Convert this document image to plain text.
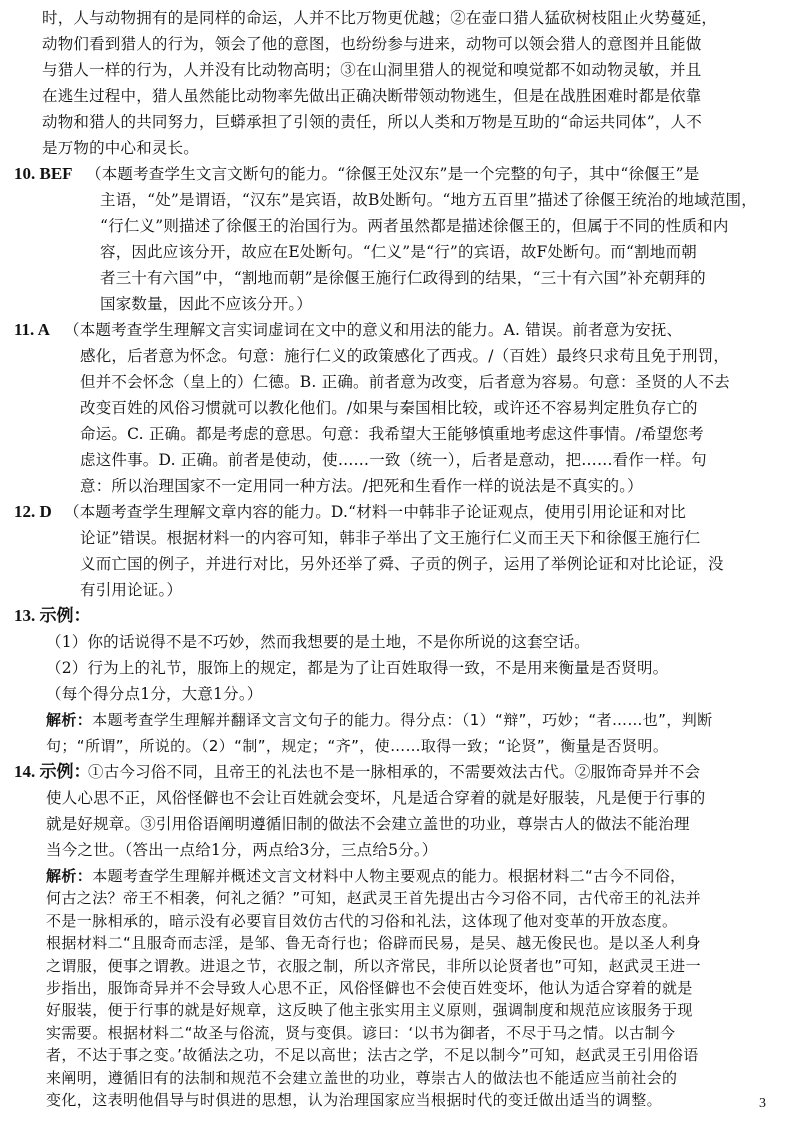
时，人与动物拥有的是同样的命运，人并不比万物更优越；②在壶口猎人猛砍树枝阻止火势蔓延，
动物们看到猎人的行为，领会了他的意图，也纷纷参与进来，动物可以领会猎人的意图并且能做
与猎人一样的行为，人并没有比动物高明；③在山洞里猎人的视觉和嗅觉都不如动物灵敏，并且
在逃生过程中，猎人虽然能比动物率先做出正确决断带领动物逃生，但是在战胜困难时都是依靠
动物和猎人的共同努力，巨蟒承担了引领的责任，所以人类和万物是互助的“命运共同体”，人不
是万物的中心和灵长。
10. BEF （本题考查学生文言文断句的能力。“徐偃王处汉东”是一个完整的句子，其中“徐偃王”是
主语，“处”是谓语，“汉东”是宾语，故B处断句。“地方五百里”描述了徐偃王统治的地域范围，
“行仁义”则描述了徐偃王的治国行为。两者虽然都是描述徐偃王的，但属于不同的性质和内
容，因此应该分开，故应在E处断句。“仁义”是“行”的宾语，故F处断句。而“割地而朝
者三十有六国”中，“割地而朝”是徐偃王施行仁政得到的结果，“三十有六国”补充朝拜的
国家数量，因此不应该分开。）
11. A （本题考查学生理解文言实词虚词在文中的意义和用法的能力。A. 错误。前者意为安抚、
感化，后者意为怀念。句意：施行仁义的政策感化了西戎。/（百姓）最终只求苟且免于刑罚，
但并不会怀念（皇上的）仁德。B. 正确。前者意为改变，后者意为容易。句意：圣贤的人不去
改变百姓的风俗习惯就可以教化他们。/如果与秦国相比较，或许还不容易判定胜负存亡的
命运。C. 正确。都是考虑的意思。句意：我希望大王能够慎重地考虑这件事情。/希望您考
虑这件事。D. 正确。前者是使动，使……一致（统一），后者是意动，把……看作一样。句
意：所以治理国家不一定用同一种方法。/把死和生看作一样的说法是不真实的。）
12. D （本题考查学生理解文章内容的能力。D.“材料一中韩非子论证观点，使用引用论证和对比
论证”错误。根据材料一的内容可知，韩非子举出了文王施行仁义而王天下和徐偃王施行仁
义而亡国的例子，并进行对比，另外还举了舜、子贡的例子，运用了举例论证和对比论证，没
有引用论证。）
13. 示例：
（1）你的话说得不是不巧妙，然而我想要的是土地，不是你所说的这套空话。
（2）行为上的礼节，服饰上的规定，都是为了让百姓取得一致，不是用来衡量是否贤明。
（每个得分点1分，大意1分。）
解析：本题考查学生理解并翻译文言文句子的能力。得分点：（1）“辩”，巧妙；“者……也”，判断
句；“所谓”，所说的。（2）“制”，规定；“齐”，使……取得一致；“论贤”，衡量是否贤明。
14. 示例：
①古今习俗不同，且帝王的礼法也不是一脉相承的，不需要效法古代。②服饰奇异并不会
使人心思不正，风俗怪僻也不会让百姓就会变坏，凡是适合穿着的就是好服装，凡是便于行事的
就是好规章。③引用俗语阐明遵循旧制的做法不会建立盖世的功业，尊崇古人的做法不能治理
当今之世。（答出一点给1分，两点给3分，三点给5分。）
解析：本题考查学生理解并概述文言文材料中人物主要观点的能力。根据材料二“古今不同俗，
何古之法？帝王不相袭，何礼之循？”可知，赵武灵王首先提出古今习俗不同，古代帝王的礼法并
不是一脉相承的，暗示没有必要盲目效仿古代的习俗和礼法，这体现了他对变革的开放态度。
根据材料二“且服奇而志淫，是邹、鲁无奇行也；俗辟而民易，是吴、越无俊民也。是以圣人利身
之谓服，便事之谓教。进退之节，衣服之制，所以齐常民，非所以论贤者也”可知，赵武灵王进一
步指出，服饰奇异并不会导致人心思不正，风俗怪僻也不会使百姓变坏，他认为适合穿着的就是
好服装，便于行事的就是好规章，这反映了他主张实用主义原则，强调制度和规范应该服务于现
实需要。根据材料二“故圣与俗流，贤与变俱。谚曰：‘以书为御者，不尽于马之情。以古制今
者，不达于事之变。’故循法之功，不足以高世；法古之学，不足以制今”可知，赵武灵王引用俗语
3
来阐明，遵循旧有的法制和规范不会建立盖世的功业，尊崇古人的做法也不能适应当前社会的
变化，这表明他倡导与时俱进的思想，认为治理国家应当根据时代的变迁做出适当的调整。
